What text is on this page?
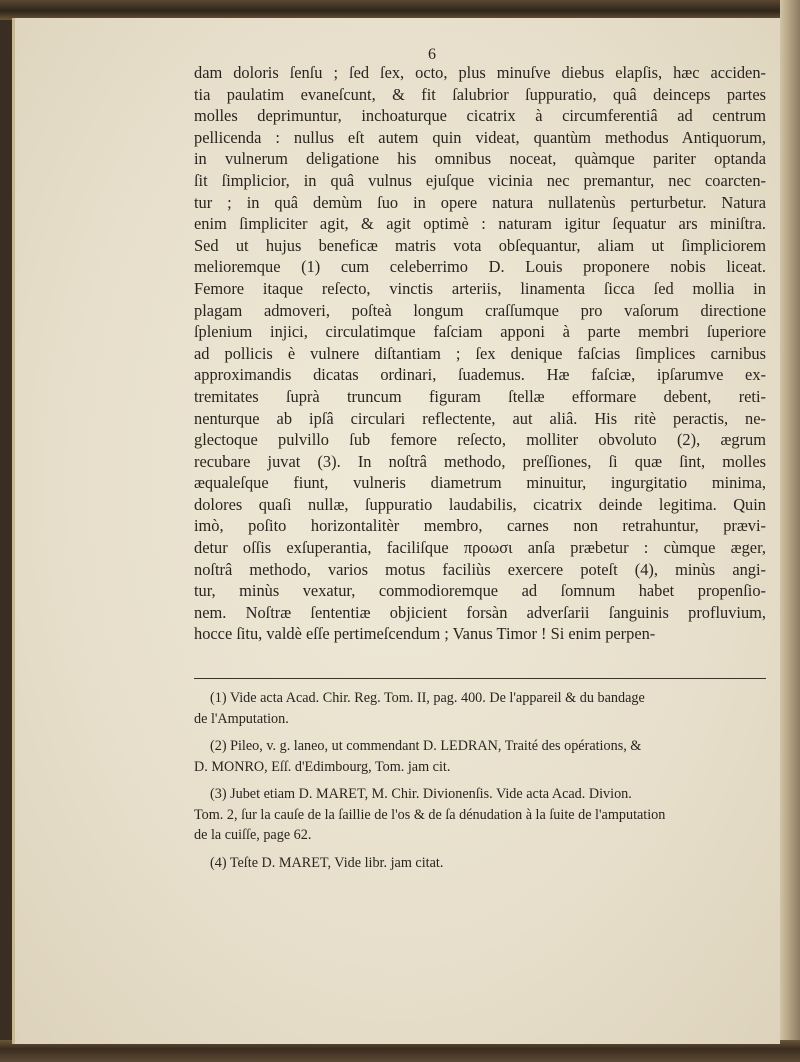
6

dam doloris ſenſu ; ſed ſex, octo, plus minuſve diebus elapſis, hæc acciden-
tia paulatim evaneſcunt, & fit ſalubrior ſuppuratio, quâ deinceps partes
molles deprimuntur, inchoaturque cicatrix à circumferentiâ ad centrum
pellicenda : nullus eſt autem quin videat, quantùm methodus Antiquorum,
in vulnerum deligatione his omnibus noceat, quàmque pariter optanda
ſit ſimplicior, in quâ vulnus ejuſque vicinia nec premantur, nec coarcten-
tur ; in quâ demùm ſuo in opere natura nullatenùs perturbetur. Natura
enim ſimpliciter agit, & agit optimè : naturam igitur ſequatur ars miniſtra.
Sed ut hujus beneficæ matris vota obſequantur, aliam ut ſimpliciorem
melioremque (1) cum celeberrimo D. Louis proponere nobis liceat.
Femore itaque reſecto, vinctis arteriis, linamenta ſicca ſed mollia in
plagam admoveri, poſteà longum craſſumque pro vaſorum directione
ſplenium injici, circulatimque faſciam apponi à parte membri ſuperiore
ad pollicis è vulnere diſtantiam ; ſex denique faſcias ſimplices carnibus
approximandis dicatas ordinari, ſuademus. Hæ faſciæ, ipſarumve ex-
tremitates ſuprà truncum figuram ſtellæ efformare debent, reti-
nenturque ab ipſâ circulari reflectente, aut aliâ. His ritè peractis, ne-
glectoque pulvillo ſub femore reſecto, molliter obvoluto (2), ægrum
recubare juvat (3). In noſtrâ methodo, preſſiones, ſi quæ ſint, molles
æqualeſque fiunt, vulneris diametrum minuitur, ingurgitatio minima,
dolores quaſi nullæ, ſuppuratio laudabilis, cicatrix deinde legitima. Quin
imò, poſito horizontalitèr membro, carnes non retrahuntur, prævi-
detur oſſis exſuperantia, faciliſque προωσι anſa præbetur : cùmque æger,
noſtrâ methodo, varios motus faciliùs exercere poteſt (4), minùs angi-
tur, minùs vexatur, commodioremque ad ſomnum habet propenſio-
nem. Noſtræ ſententiæ objicient forsàn adverſarii ſanguinis profluvium,
hocce ſitu, valdè eſſe pertimeſcendum ; Vanus Timor ! Si enim perpen-
(1) Vide acta Acad. Chir. Reg. Tom. II, pag. 400. De l'appareil & du bandage
de l'Amputation.
(2) Pileo, v. g. laneo, ut commendant D. LEDRAN, Traité des opérations, &
D. MONRO, Eſſ. d'Edimbourg, Tom. jam cit.
(3) Jubet etiam D. MARET, M. Chir. Divionenſis. Vide acta Acad. Divion.
Tom. 2, ſur la cauſe de la ſaillie de l'os & de ſa dénudation à la ſuite de l'amputation
de la cuiſſe, page 62.
(4) Teſte D. MARET, Vide libr. jam citat.
